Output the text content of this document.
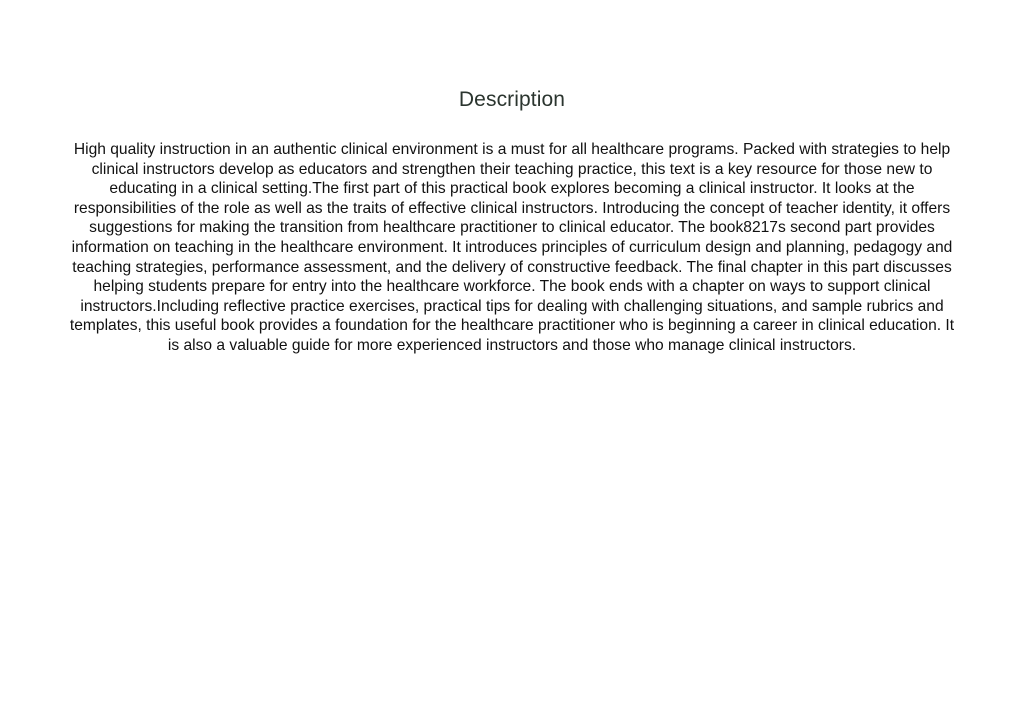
Description
High quality instruction in an authentic clinical environment is a must for all healthcare programs. Packed with strategies to help
clinical instructors develop as educators and strengthen their teaching practice, this text is a key resource for those new to
educating in a clinical setting.The first part of this practical book explores becoming a clinical instructor. It looks at the
responsibilities of the role as well as the traits of effective clinical instructors. Introducing the concept of teacher identity, it offers
suggestions for making the transition from healthcare practitioner to clinical educator. The book8217s second part provides
information on teaching in the healthcare environment. It introduces principles of curriculum design and planning, pedagogy and
teaching strategies, performance assessment, and the delivery of constructive feedback. The final chapter in this part discusses
helping students prepare for entry into the healthcare workforce. The book ends with a chapter on ways to support clinical
instructors.Including reflective practice exercises, practical tips for dealing with challenging situations, and sample rubrics and
templates, this useful book provides a foundation for the healthcare practitioner who is beginning a career in clinical education. It
is also a valuable guide for more experienced instructors and those who manage clinical instructors.
